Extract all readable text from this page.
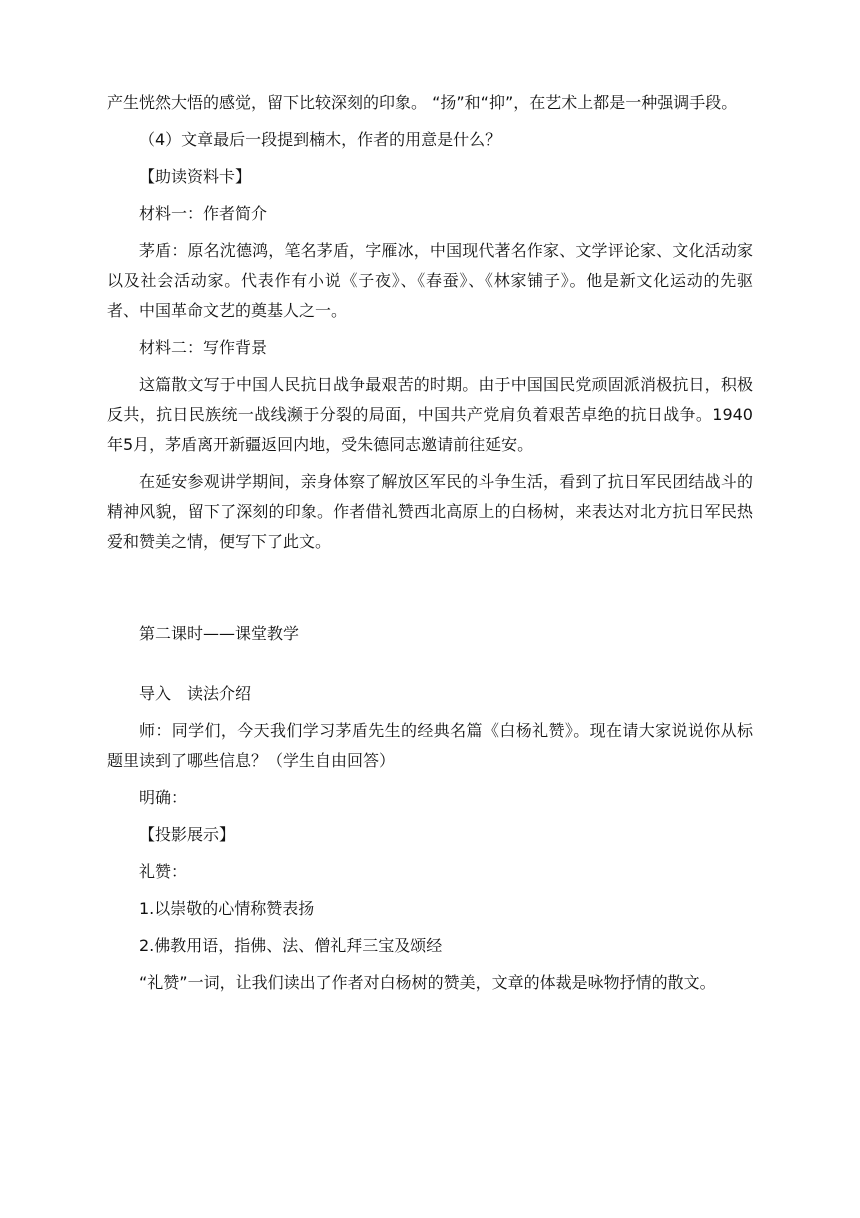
产生恍然大悟的感觉，留下比较深刻的印象。 “扬”和“抑”，在艺术上都是一种强调手段。

（4）文章最后一段提到楠木，作者的用意是什么？

【助读资料卡】

材料一：作者简介

茅盾：原名沈德鸿，笔名茅盾，字雁冰，中国现代著名作家、文学评论家、文化活动家以及社会活动家。代表作有小说《子夜》、《春蚕》、《林家铺子》。他是新文化运动的先驱者、中国革命文艺的奠基人之一。

材料二：写作背景

这篇散文写于中国人民抗日战争最艰苦的时期。由于中国国民党顽固派消极抗日，积极反共，抗日民族统一战线濒于分裂的局面，中国共产党肩负着艰苦卓绝的抗日战争。1940年5月，茅盾离开新疆返回内地，受朱德同志邀请前往延安。

在延安参观讲学期间，亲身体察了解放区军民的斗争生活，看到了抗日军民团结战斗的精神风貌，留下了深刻的印象。作者借礼赞西北高原上的白杨树，来表达对北方抗日军民热爱和赞美之情，便写下了此文。

第二课时——课堂教学

导入　读法介绍

师：同学们，今天我们学习茅盾先生的经典名篇《白杨礼赞》。现在请大家说说你从标题里读到了哪些信息？（学生自由回答）

明确：

【投影展示】

礼赞：

1.以崇敬的心情称赞表扬

2.佛教用语，指佛、法、僧礼拜三宝及颂经

“礼赞”一词，让我们读出了作者对白杨树的赞美，文章的体裁是咏物抒情的散文。
